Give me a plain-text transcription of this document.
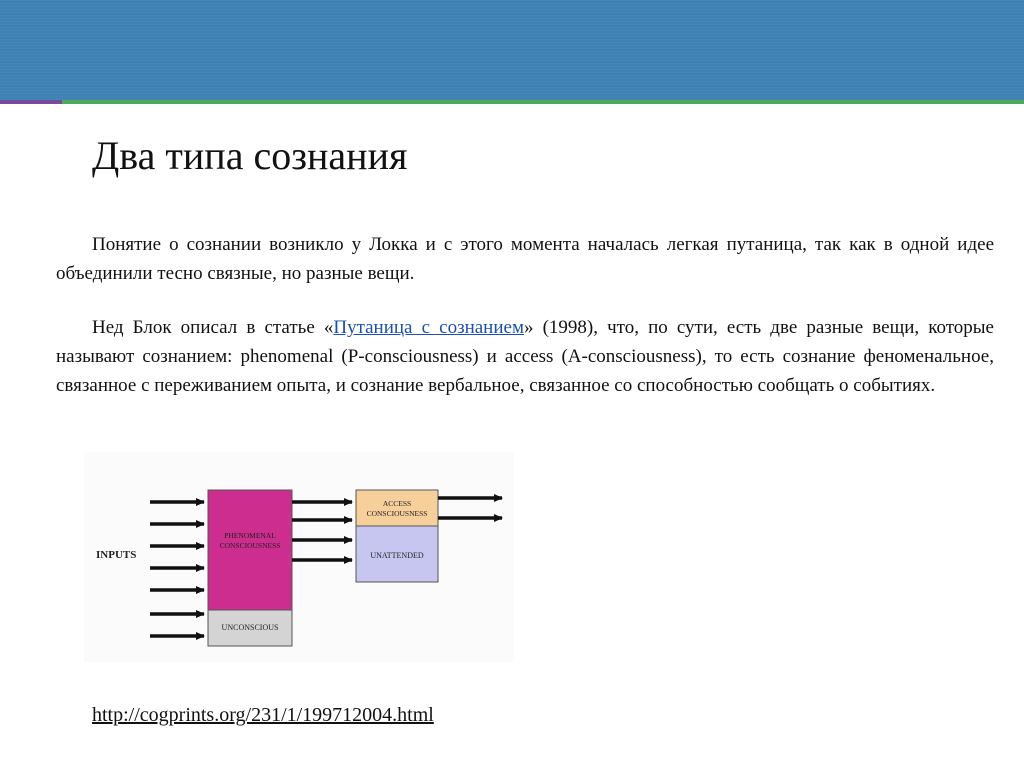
Два типа сознания

Понятие о сознании возникло у Локка и с этого момента началась легкая путаница, так как в одной идее объединили тесно связные, но разные вещи.

Нед Блок описал в статье «Путаница с сознанием» (1998), что, по сути, есть две разные вещи, которые называют сознанием: phenomenal (P-consciousness) и access (A-consciousness), то есть сознание феноменальное, связанное с переживанием опыта, и сознание вербальное, связанное со способностью сообщать о событиях.

INPUTS
PHENOMENAL
CONSCIOUSNESS
UNCONSCIOUS
ACCESS
CONSCIOUSNESS
UNATTENDED
http://cogprints.org/231/1/199712004.html
